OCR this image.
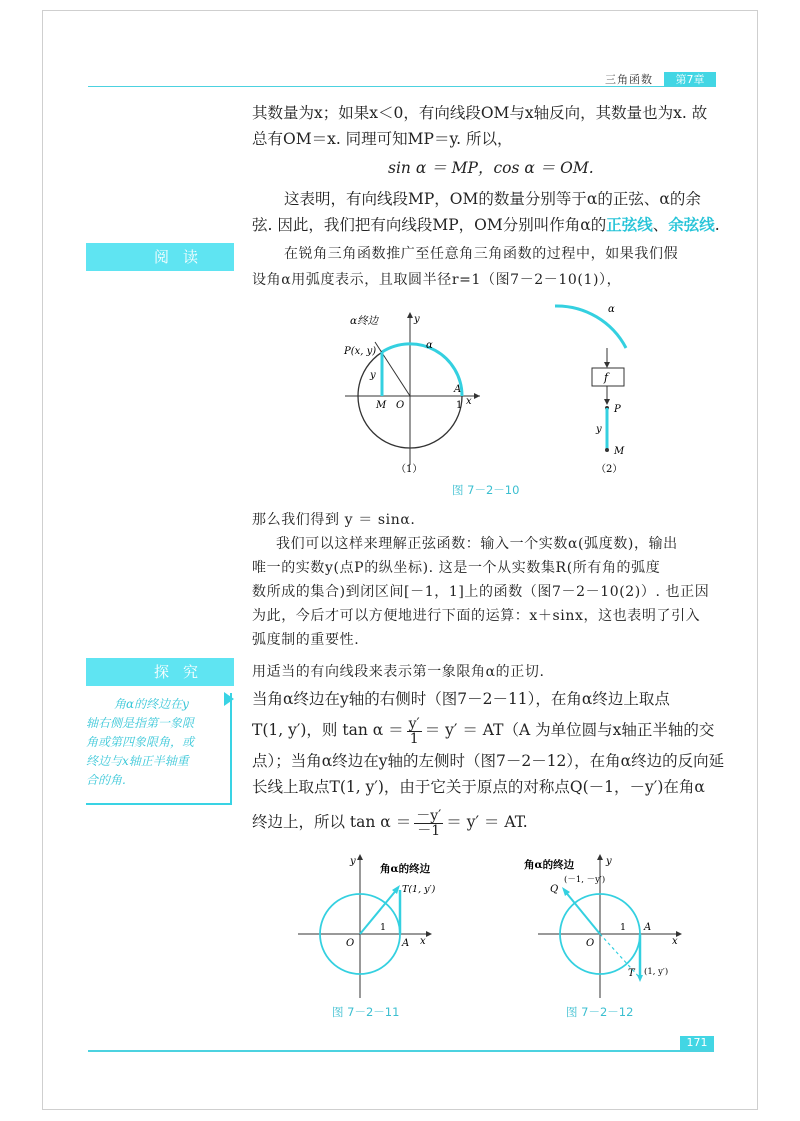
三角函数	第7章
其数量为x；如果x＜0，有向线段OM与x轴反向，其数量也为x. 故
总有OM＝x. 同理可知MP＝y. 所以，
sin α ＝ MP，cos α ＝ OM.
这表明，有向线段MP，OM的数量分别等于α的正弦、α的余
弦. 因此，我们把有向线段MP，OM分别叫作角α的正弦线、余弦线.
阅读	在锐角三角函数推广至任意角三角函数的过程中，如果我们假
设角α用弧度表示，且取圆半径r=1（图7－2－10(1)），
α终边
P(x, y)
α
y
y
x
M O
A
1
（1）
α
f
P
y
M
（2）
图 7－2－10
那么我们得到 y ＝ sinα.
我们可以这样来理解正弦函数：输入一个实数α(弧度数)，输出
唯一的实数y(点P的纵坐标). 这是一个从实数集R(所有角的弧度
数所成的集合)到闭区间[－1，1]上的函数（图7－2－10(2)）. 也正因
为此，今后才可以方便地进行下面的运算：x＋sinx，这也表明了引入
弧度制的重要性.
探究
角α的终边在y
轴右侧是指第一象限
角或第四象限角，或
终边与x轴正半轴重
合的角.
用适当的有向线段来表示第一象限角α的正切.
当角α终边在y轴的右侧时（图7－2－11），在角α终边上取点
T(1, y′)，则 $\tan \alpha = \frac{y'}{1} = y' = AT(A$ 为单位圆与x轴正半轴的交
点）；当角α终边在y轴的左侧时（图7－2－12），在角α终边的反向延
长线上取点T(1, y′)，由于它关于原点的对称点Q(－1，－y′)在角α
终边上，所以 $\tan \alpha = \frac{-y'}{-1} = y'$ ＝ AT.
角α的终边
T(1, y′)
O
1
A x
y
图 7－2－11
角α的终边
Q
(－1, －y′)
O
1 A
x
y
T (1, y′)
图 7－2－12
171
